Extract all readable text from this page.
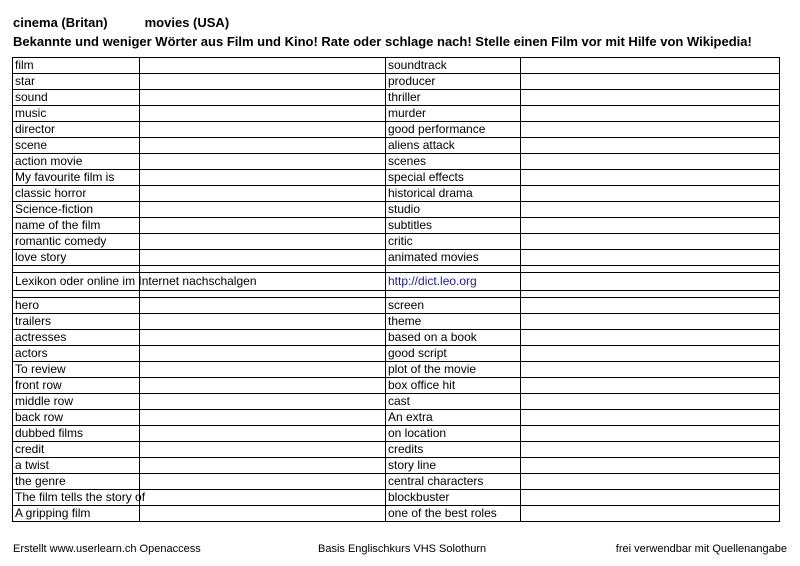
cinema (Britan)	movies (USA)
Bekannte und weniger Wörter aus Film und Kino! Rate oder schlage nach! Stelle einen Film vor mit Hilfe von Wikipedia!
film		soundtrack	
star		producer	
sound		thriller	
music		murder	
director		good performance	
scene		aliens attack	
action movie		scenes	
My favourite film is		special effects	
classic horror		historical drama	
Science-fiction		studio	
name of the film		subtitles	
romantic comedy		critic	
love story		animated movies	

Lexikon oder online im Internet nachschalgen		http://dict.leo.org	

hero		screen	
trailers		theme	
actresses		based on a book	
actors		good script	
To review		plot of the movie	
front row		box office hit	
middle row		cast	
back row		An extra	
dubbed films		on location	
credit		credits	
a twist		story line	
the genre		central characters	
The film tells the story of		blockbuster	
A gripping film		one of the best roles	
Erstellt www.userlearn.ch Openaccess	Basis Englischkurs VHS Solothurn	frei verwendbar mit Quellenangabe
